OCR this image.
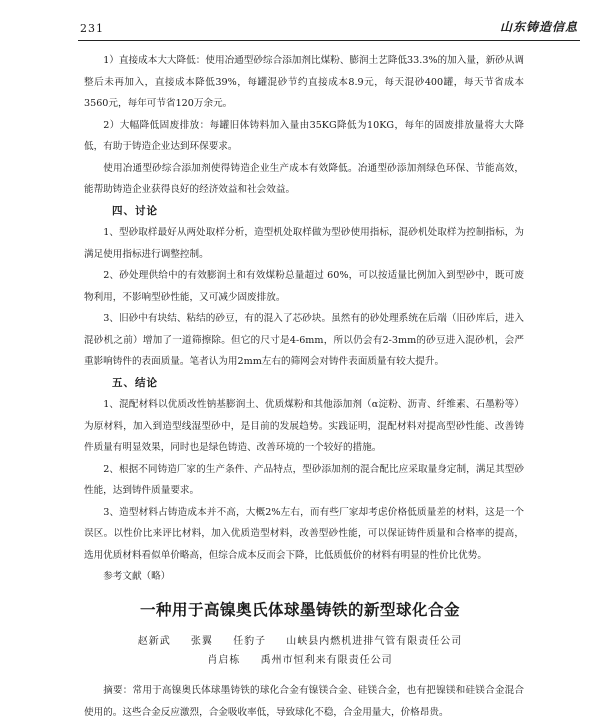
231	山东铸造信息

1）直接成本大大降低：使用冶通型砂综合添加剂比煤粉、膨润土艺降低33.3%的加入量，新砂从调整后未再加入，直接成本降低39%，每罐混砂节约直接成本8.9元，每天混砂400罐，每天节省成本3560元，每年可节省120万余元。

2）大幅降低固废排放：每罐旧体铸料加入量由35KG降低为10KG，每年的固废排放量将大大降低，有助于铸造企业达到环保要求。

使用冶通型砂综合添加剂使得铸造企业生产成本有效降低。冶通型砂添加剂绿色环保、节能高效，能帮助铸造企业获得良好的经济效益和社会效益。

四、讨论

1、型砂取样最好从两处取样分析，造型机处取样做为型砂使用指标，混砂机处取样为控制指标，为满足使用指标进行调整控制。

2、砂处理供给中的有效膨润土和有效煤粉总量超过 60%，可以按适量比例加入到型砂中，既可废物利用，不影响型砂性能，又可减少固废排放。

3、旧砂中有块结、粘结的砂豆，有的混入了芯砂块。虽然有的砂处理系统在后端（旧砂库后，进入混砂机之前）增加了一道筛擦除。但它的尺寸是4-6mm，所以仍会有2-3mm的砂豆进入混砂机，会严重影响铸件的表面质量。笔者认为用2mm左右的筛网会对铸件表面质量有较大提升。

五、结论

1、混配材料以优质改性钠基膨润土、优质煤粉和其他添加剂（α淀粉、沥青、纤维素、石墨粉等）为原材料，加入到造型线湿型砂中，是目前的发展趋势。实践证明，混配材料对提高型砂性能、改善铸件质量有明显效果，同时也是绿色铸造、改善环境的一个较好的措施。

2、根据不同铸造厂家的生产条件、产品特点，型砂添加剂的混合配比应采取量身定制，满足其型砂性能，达到铸件质量要求。

3、造型材料占铸造成本并不高，大概2%左右，而有些厂家却考虑价格低质量差的材料，这是一个误区。以性价比来评比材料，加入优质造型材料，改善型砂性能，可以保证铸件质量和合格率的提高，选用优质材料看似单价略高，但综合成本反而会下降，比低质低价的材料有明显的性价比优势。

参考文献（略）

一种用于高镍奥氏体球墨铸铁的新型球化合金
赵新武 张翼 任豹子 山峡县内燃机进排气管有限责任公司
肖启栋 禹州市恒利来有限责任公司

摘要：常用于高镍奥氏体球墨铸铁的球化合金有镍镁合金、硅镁合金，也有把镍镁和硅镁合金混合使用的。这些合金反应激烈，合金吸收率低，导致球化不稳，合金用量大，价格昂贵。
